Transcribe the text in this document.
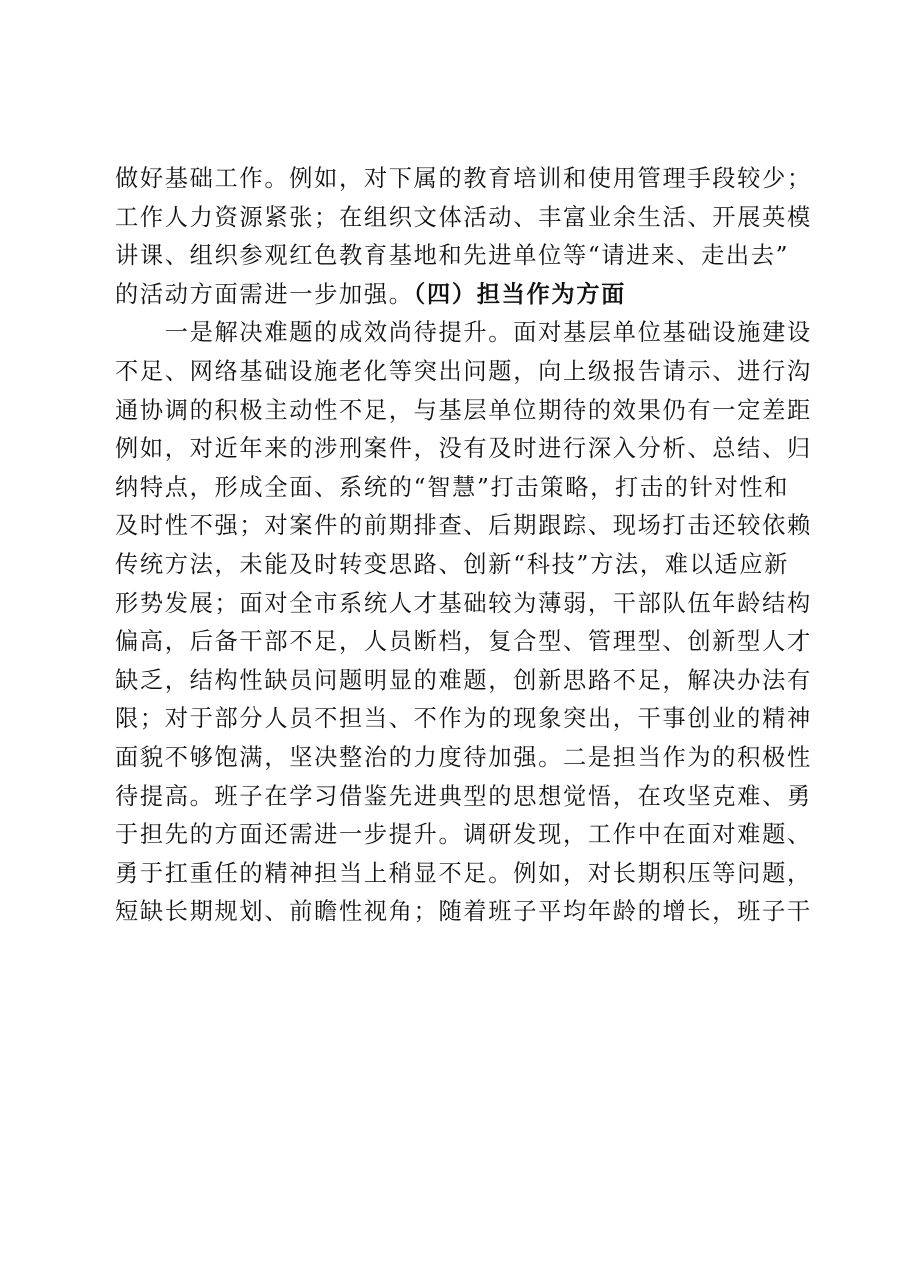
做好基础工作。例如，对下属的教育培训和使用管理手段较少；
工作人力资源紧张；在组织文体活动、丰富业余生活、开展英模
讲课、组织参观红色教育基地和先进单位等“请进来、走出去”
的活动方面需进一步加强。（四）担当作为方面
　　一是解决难题的成效尚待提升。面对基层单位基础设施建设
不足、网络基础设施老化等突出问题，向上级报告请示、进行沟
通协调的积极主动性不足，与基层单位期待的效果仍有一定差距
例如，对近年来的涉刑案件，没有及时进行深入分析、总结、归
纳特点，形成全面、系统的“智慧”打击策略，打击的针对性和
及时性不强；对案件的前期排查、后期跟踪、现场打击还较依赖
传统方法，未能及时转变思路、创新“科技”方法，难以适应新
形势发展；面对全市系统人才基础较为薄弱，干部队伍年龄结构
偏高，后备干部不足，人员断档，复合型、管理型、创新型人才
缺乏，结构性缺员问题明显的难题，创新思路不足，解决办法有
限；对于部分人员不担当、不作为的现象突出，干事创业的精神
面貌不够饱满，坚决整治的力度待加强。二是担当作为的积极性
待提高。班子在学习借鉴先进典型的思想觉悟，在攻坚克难、勇
于担先的方面还需进一步提升。调研发现，工作中在面对难题、
勇于扛重任的精神担当上稍显不足。例如，对长期积压等问题，
短缺长期规划、前瞻性视角；随着班子平均年龄的增长，班子干
